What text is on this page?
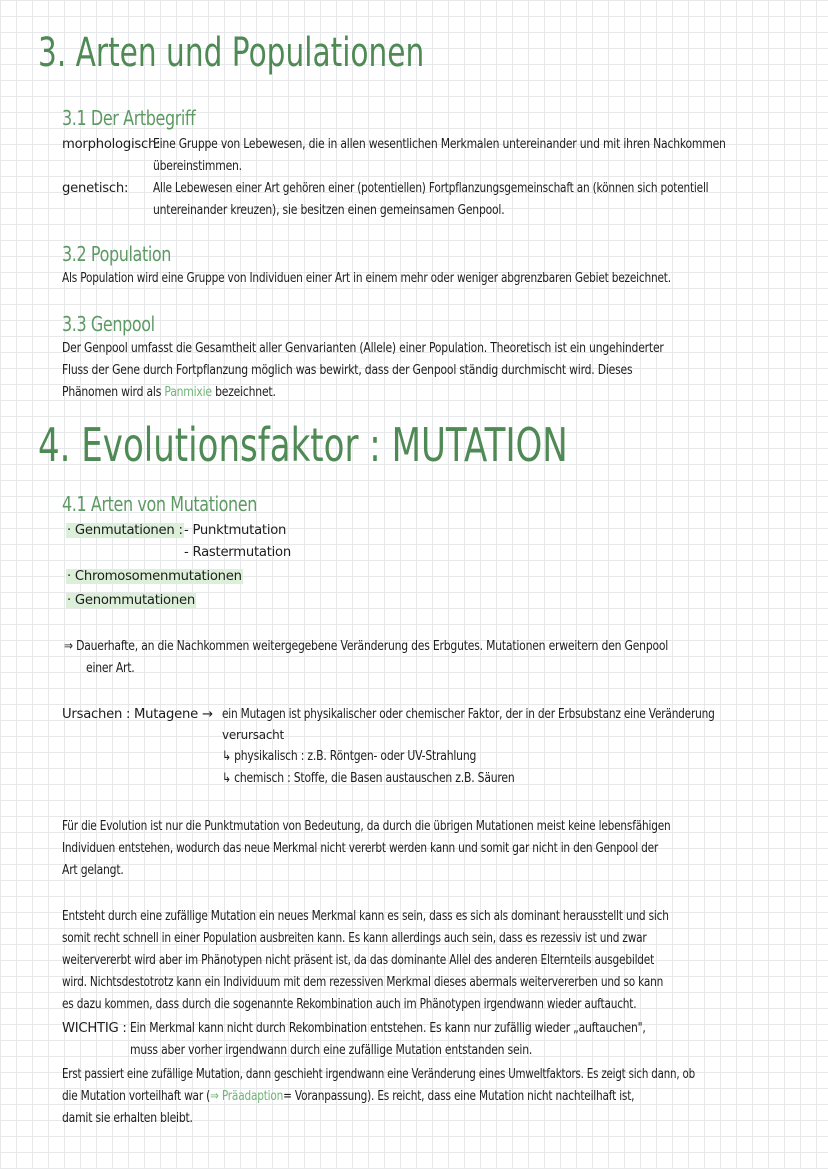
3. Arten und Populationen
3.1 Der Artbegriff
morphologisch:
Eine Gruppe von Lebewesen, die in allen wesentlichen Merkmalen untereinander und mit ihren Nachkommen
übereinstimmen.
genetisch: Alle Lebewesen einer Art gehören einer (potentiellen) Fortpflanzungsgemeinschaft an (können sich potentiell
untereinander kreuzen), sie besitzen einen gemeinsamen Genpool.
3.2 Population
Als Population wird eine Gruppe von Individuen einer Art in einem mehr oder weniger abgrenzbaren Gebiet bezeichnet.
3.3 Genpool
Der Genpool umfasst die Gesamtheit aller Genvarianten (Allele) einer Population. Theoretisch ist ein ungehinderter
Fluss der Gene durch Fortpflanzung möglich was bewirkt, dass der Genpool ständig durchmischt wird. Dieses
Phänomen wird als Panmixie bezeichnet.
4. Evolutionsfaktor : MUTATION
4.1 Arten von Mutationen
· Genmutationen : - Punktmutation
- Rastermutation
· Chromosomenmutationen
· Genommutationen
⇒ Dauerhafte, an die Nachkommen weitergegebene Veränderung des Erbgutes. Mutationen erweitern den Genpool
einer Art.
Ursachen : Mutagene → ein Mutagen ist physikalischer oder chemischer Faktor, der in der Erbsubstanz eine Veränderung
verursacht
↳ physikalisch : z.B. Röntgen- oder UV-Strahlung
↳ chemisch : Stoffe, die Basen austauschen z.B. Säuren
Für die Evolution ist nur die Punktmutation von Bedeutung, da durch die übrigen Mutationen meist keine lebensfähigen
Individuen entstehen, wodurch das neue Merkmal nicht vererbt werden kann und somit gar nicht in den Genpool der
Art gelangt.
Entsteht durch eine zufällige Mutation ein neues Merkmal kann es sein, dass es sich als dominant herausstellt und sich
somit recht schnell in einer Population ausbreiten kann. Es kann allerdings auch sein, dass es rezessiv ist und zwar
weitervererbt wird aber im Phänotypen nicht präsent ist, da das dominante Allel des anderen Elternteils ausgebildet
wird. Nichtsdestotrotz kann ein Individuum mit dem rezessiven Merkmal dieses abermals weitervererben und so kann
es dazu kommen, dass durch die sogenannte Rekombination auch im Phänotypen irgendwann wieder auftaucht.
WICHTIG : Ein Merkmal kann nicht durch Rekombination entstehen. Es kann nur zufällig wieder „auftauchen",
muss aber vorher irgendwann durch eine zufällige Mutation entstanden sein.
Erst passiert eine zufällige Mutation, dann geschieht irgendwann eine Veränderung eines Umweltfaktors. Es zeigt sich dann, ob
die Mutation vorteilhaft war (⇒ Präadaption= Voranpassung). Es reicht, dass eine Mutation nicht nachteilhaft ist,
damit sie erhalten bleibt.
